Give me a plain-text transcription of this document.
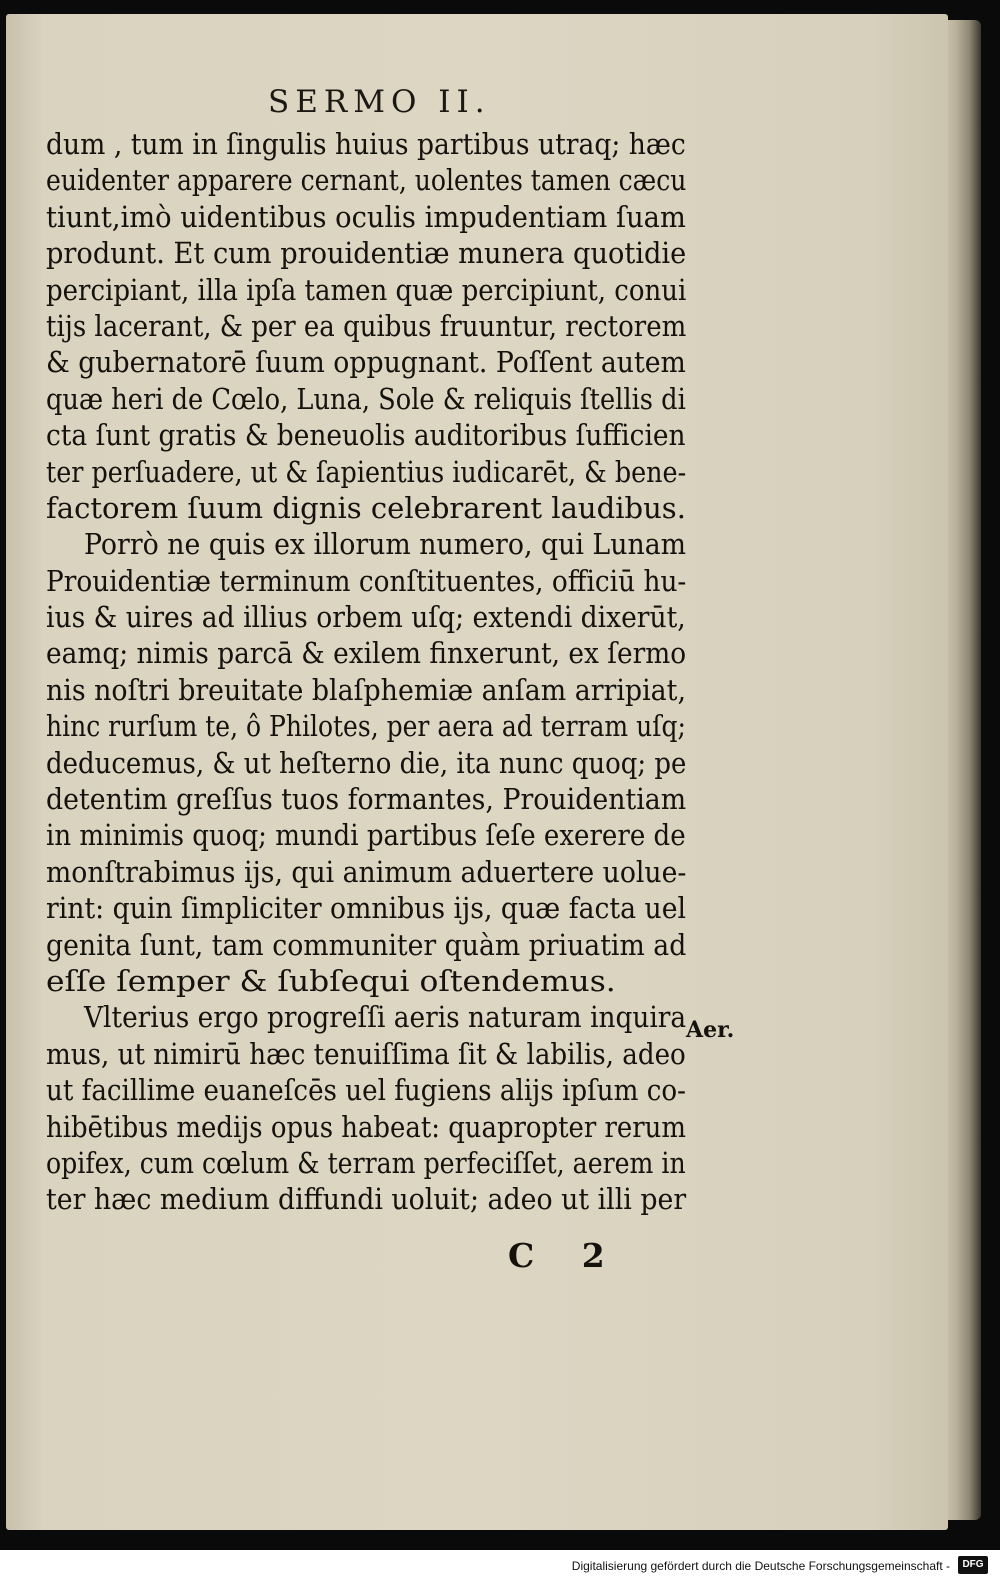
SERMO II.
dum , tum in ſingulis huius partibus utraq; hæc
euidenter apparere cernant, uolentes tamen cæcu
tiunt,imò uidentibus oculis impudentiam ſuam
produnt. Et cum prouidentiæ munera quotidie
percipiant, illa ipſa tamen quæ percipiunt, conui
tijs lacerant, & per ea quibus fruuntur, rectorem
& gubernatorē ſuum oppugnant. Poſſent autem
quæ heri de Cœlo, Luna, Sole & reliquis ſtellis di
cta ſunt gratis & beneuolis auditoribus ſufficien
ter perſuadere, ut & ſapientius iudicarēt, & bene-
factorem ſuum dignis celebrarent laudibus.
Porrò ne quis ex illorum numero, qui Lunam
Prouidentiæ terminum conſtituentes, officiū hu-
ius & uires ad illius orbem uſq; extendi dixerūt,
eamq; nimis parcā & exilem finxerunt, ex ſermo
nis noſtri breuitate blaſphemiæ anſam arripiat,
hinc rurſum te, ô Philotes, per aera ad terram uſq;
deducemus, & ut heſterno die, ita nunc quoq; pe
detentim greſſus tuos formantes, Prouidentiam
in minimis quoq; mundi partibus ſeſe exerere de
monſtrabimus ijs, qui animum aduertere uolue-
rint: quin ſimpliciter omnibus ijs, quæ facta uel
genita ſunt, tam communiter quàm priuatim ad
eſſe ſemper & ſubſequi oſtendemus.
Vlterius ergo progreſſi aeris naturam inquira
mus, ut nimirū hæc tenuiſſima ſit & labilis, adeo
ut facillime euaneſcēs uel fugiens alijs ipſum co-
hibētibus medijs opus habeat: quapropter rerum
opifex, cum cœlum & terram perfeciſſet, aerem in
ter hæc medium diffundi uoluit; adeo ut illi per
Aer.
C 2
Digitalisierung gefördert durch die Deutsche Forschungsgemeinschaft -	DFG
